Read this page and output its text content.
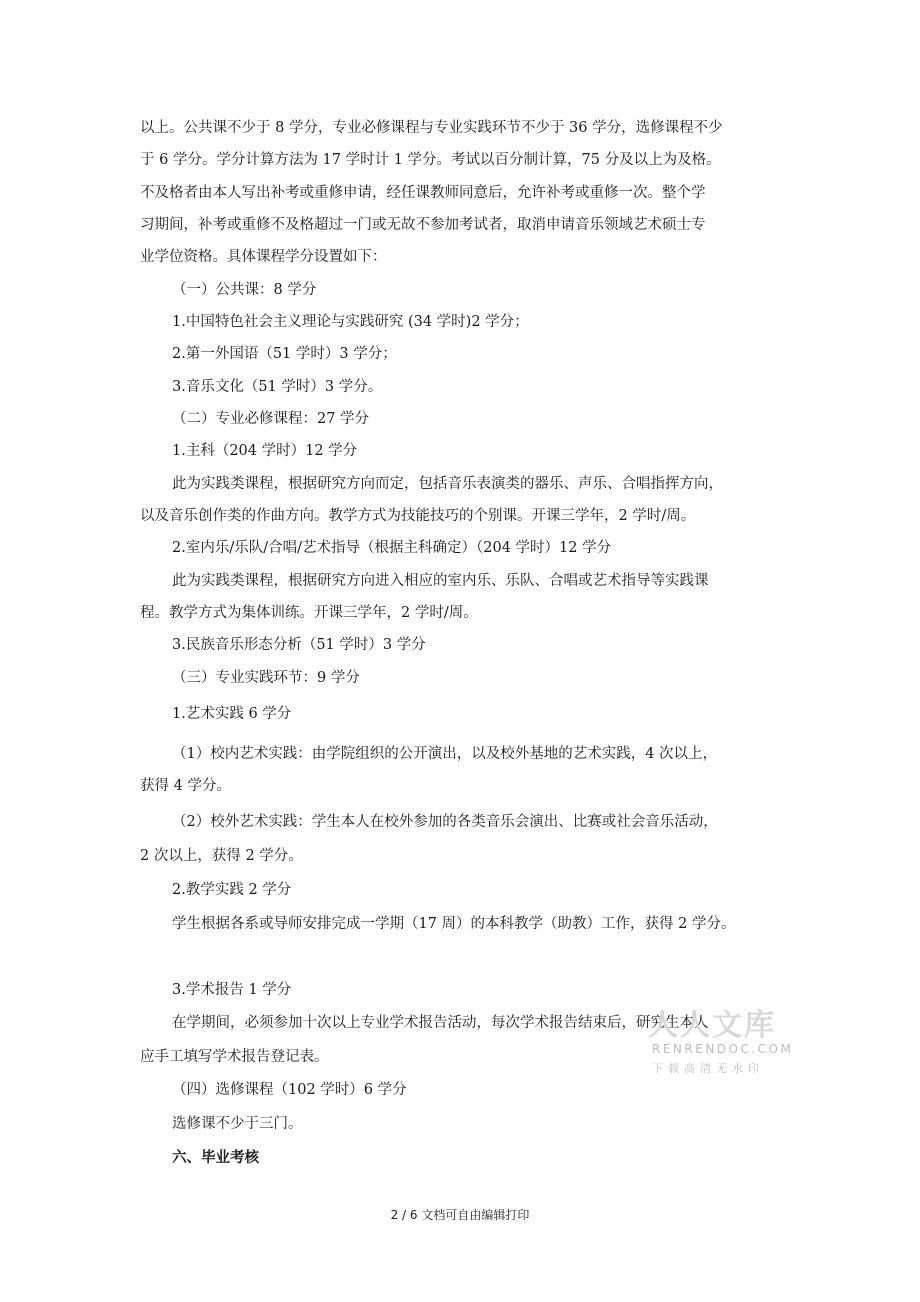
以上。公共课不少于 8 学分，专业必修课程与专业实践环节不少于 36 学分，选修课程不少
于 6 学分。学分计算方法为 17 学时计 1 学分。考试以百分制计算，75 分及以上为及格。
不及格者由本人写出补考或重修申请，经任课教师同意后，允许补考或重修一次。整个学
习期间，补考或重修不及格超过一门或无故不参加考试者，取消申请音乐领域艺术硕士专
业学位资格。具体课程学分设置如下：
（一）公共课：8 学分
1.中国特色社会主义理论与实践研究 (34 学时)2 学分；
2.第一外国语（51 学时）3 学分；
3.音乐文化（51 学时）3 学分。
（二）专业必修课程：27 学分
1.主科（204 学时）12 学分
此为实践类课程，根据研究方向而定，包括音乐表演类的器乐、声乐、合唱指挥方向，
以及音乐创作类的作曲方向。教学方式为技能技巧的个别课。开课三学年，2 学时/周。
2.室内乐/乐队/合唱/艺术指导（根据主科确定）（204 学时）12 学分
此为实践类课程，根据研究方向进入相应的室内乐、乐队、合唱或艺术指导等实践课
程。教学方式为集体训练。开课三学年，2 学时/周。
3.民族音乐形态分析（51 学时）3 学分
（三）专业实践环节：9 学分
1.艺术实践 6 学分
（1）校内艺术实践：由学院组织的公开演出，以及校外基地的艺术实践，4 次以上，
获得 4 学分。
（2）校外艺术实践：学生本人在校外参加的各类音乐会演出、比赛或社会音乐活动，
2 次以上，获得 2 学分。
2.教学实践 2 学分
学生根据各系或导师安排完成一学期（17 周）的本科教学（助教）工作，获得 2 学分。
3.学术报告 1 学分
在学期间，必须参加十次以上专业学术报告活动，每次学术报告结束后，研究生本人
应手工填写学术报告登记表。
（四）选修课程（102 学时）6 学分
选修课不少于三门。
六、毕业考核
人人文库
RENRENDOC.COM
下载高清无水印
2 / 6 文档可自由编辑打印
